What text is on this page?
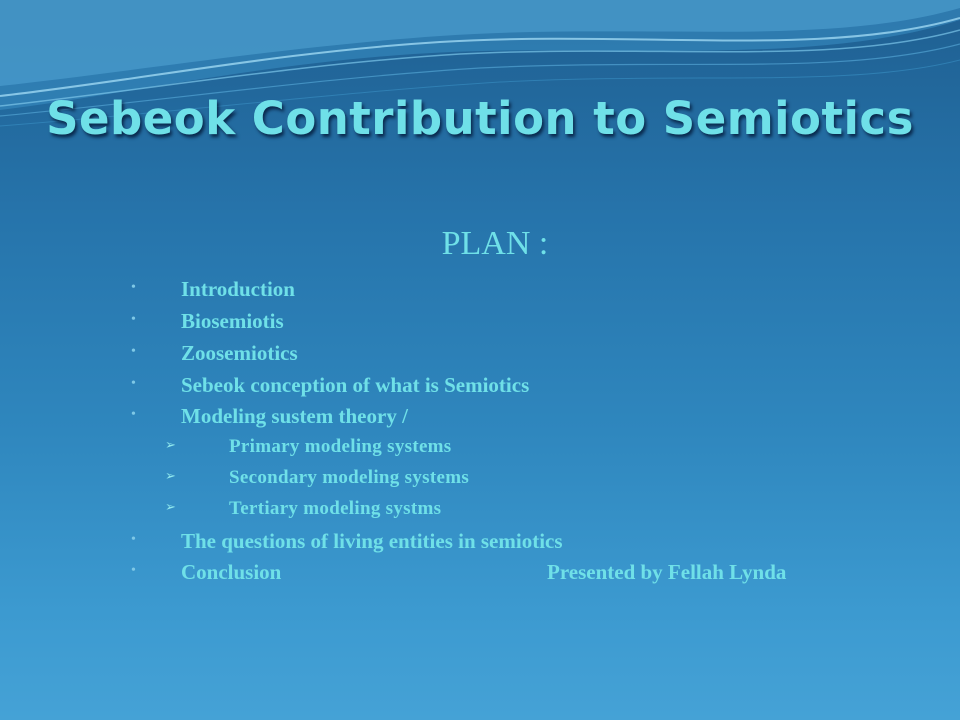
Sebeok Contribution to Semiotics
PLAN :
• Introduction
• Biosemiotis
• Zoosemiotics
• Sebeok conception of what is Semiotics
• Modeling sustem theory /
➢	Primary modeling systems
➢	Secondary modeling systems
➢	Tertiary modeling systms
• The questions of living entities in semiotics
• Conclusion	Presented by Fellah Lynda
